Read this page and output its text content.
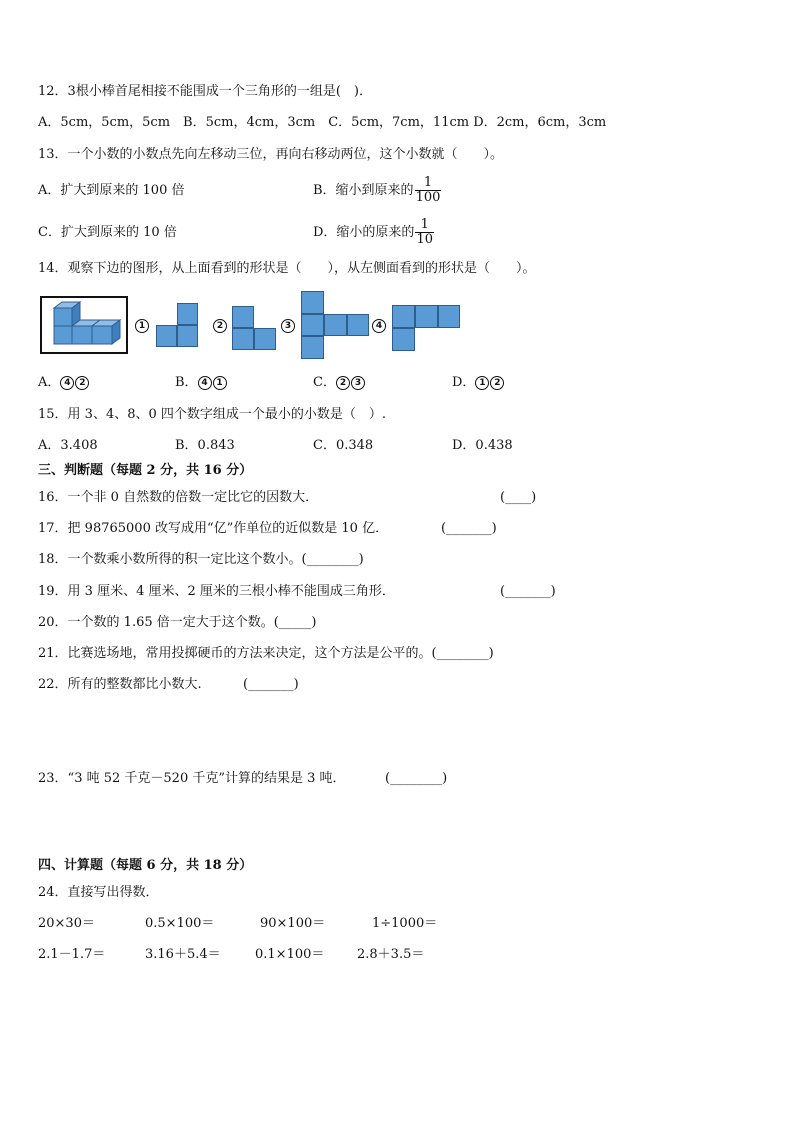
12．3根小棒首尾相接不能围成一个三角形的一组是(　)．
A．5cm，5cm，5cm　B．5cm，4cm，3cm　C．5cm，7cm，11cm D．2cm，6cm，3cm
13．一个小数的小数点先向左移动三位，再向右移动两位，这个小数就（　　）。
A．扩大到原来的 100 倍	B．缩小到原来的 $\frac{1}{100}$
C．扩大到原来的 10 倍	D．缩小的原来的 $\frac{1}{10}$
14．观察下边的图形，从上面看到的形状是（　　），从左侧面看到的形状是（　　）。
1	2	3	4
A． 4 2	B． 4 1	C． 2 3	D． 1 2
15．用 3、4、8、0 四个数字组成一个最小的小数是（　）.
A．3.408	B．0.843	C．0.348	D．0.438
三、判断题（每题 2 分，共 16 分）
16．一个非 0 自然数的倍数一定比它的因数大．	(____)
17．把 98765000 改写成用“亿”作单位的近似数是 10 亿．	(_______)
18．一个数乘小数所得的积一定比这个数小。(________)
19．用 3 厘米、4 厘米、2 厘米的三根小棒不能围成三角形．	(_______)
20．一个数的 1.65 倍一定大于这个数。(_____)
21．比赛选场地，常用投掷硬币的方法来决定，这个方法是公平的。(________)
22．所有的整数都比小数大.	(_______)
23．“3 吨 52 千克－520 千克”计算的结果是 3 吨．	(________)
四、计算题（每题 6 分，共 18 分）
24．直接写出得数．
20×30＝	0.5×100＝	90×100＝	1÷1000＝
2.1－1.7＝	3.16＋5.4＝	0.1×100＝	2.8＋3.5＝
